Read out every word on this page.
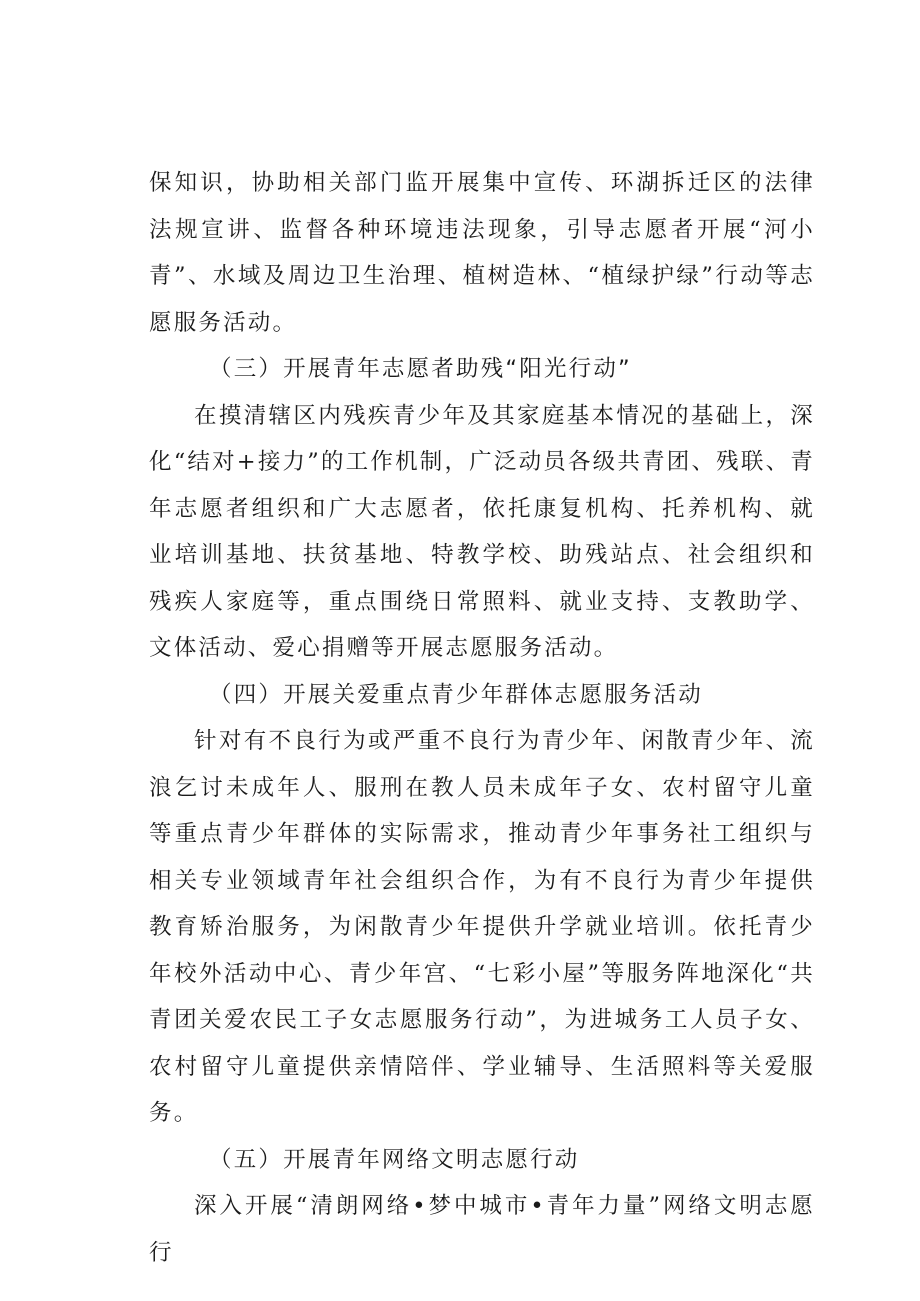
保知识，协助相关部门监开展集中宣传、环湖拆迁区的法律法规宣讲、监督各种环境违法现象，引导志愿者开展“河小青”、水域及周边卫生治理、植树造林、“植绿护绿”行动等志愿服务活动。

（三）开展青年志愿者助残“阳光行动”

在摸清辖区内残疾青少年及其家庭基本情况的基础上，深化“结对+接力”的工作机制，广泛动员各级共青团、残联、青年志愿者组织和广大志愿者，依托康复机构、托养机构、就业培训基地、扶贫基地、特教学校、助残站点、社会组织和残疾人家庭等，重点围绕日常照料、就业支持、支教助学、文体活动、爱心捐赠等开展志愿服务活动。

（四）开展关爱重点青少年群体志愿服务活动

针对有不良行为或严重不良行为青少年、闲散青少年、流浪乞讨未成年人、服刑在教人员未成年子女、农村留守儿童等重点青少年群体的实际需求，推动青少年事务社工组织与相关专业领域青年社会组织合作，为有不良行为青少年提供教育矫治服务，为闲散青少年提供升学就业培训。依托青少年校外活动中心、青少年宫、“七彩小屋”等服务阵地深化“共青团关爱农民工子女志愿服务行动”，为进城务工人员子女、农村留守儿童提供亲情陪伴、学业辅导、生活照料等关爱服务。

（五）开展青年网络文明志愿行动

深入开展“清朗网络•梦中城市•青年力量”网络文明志愿行
